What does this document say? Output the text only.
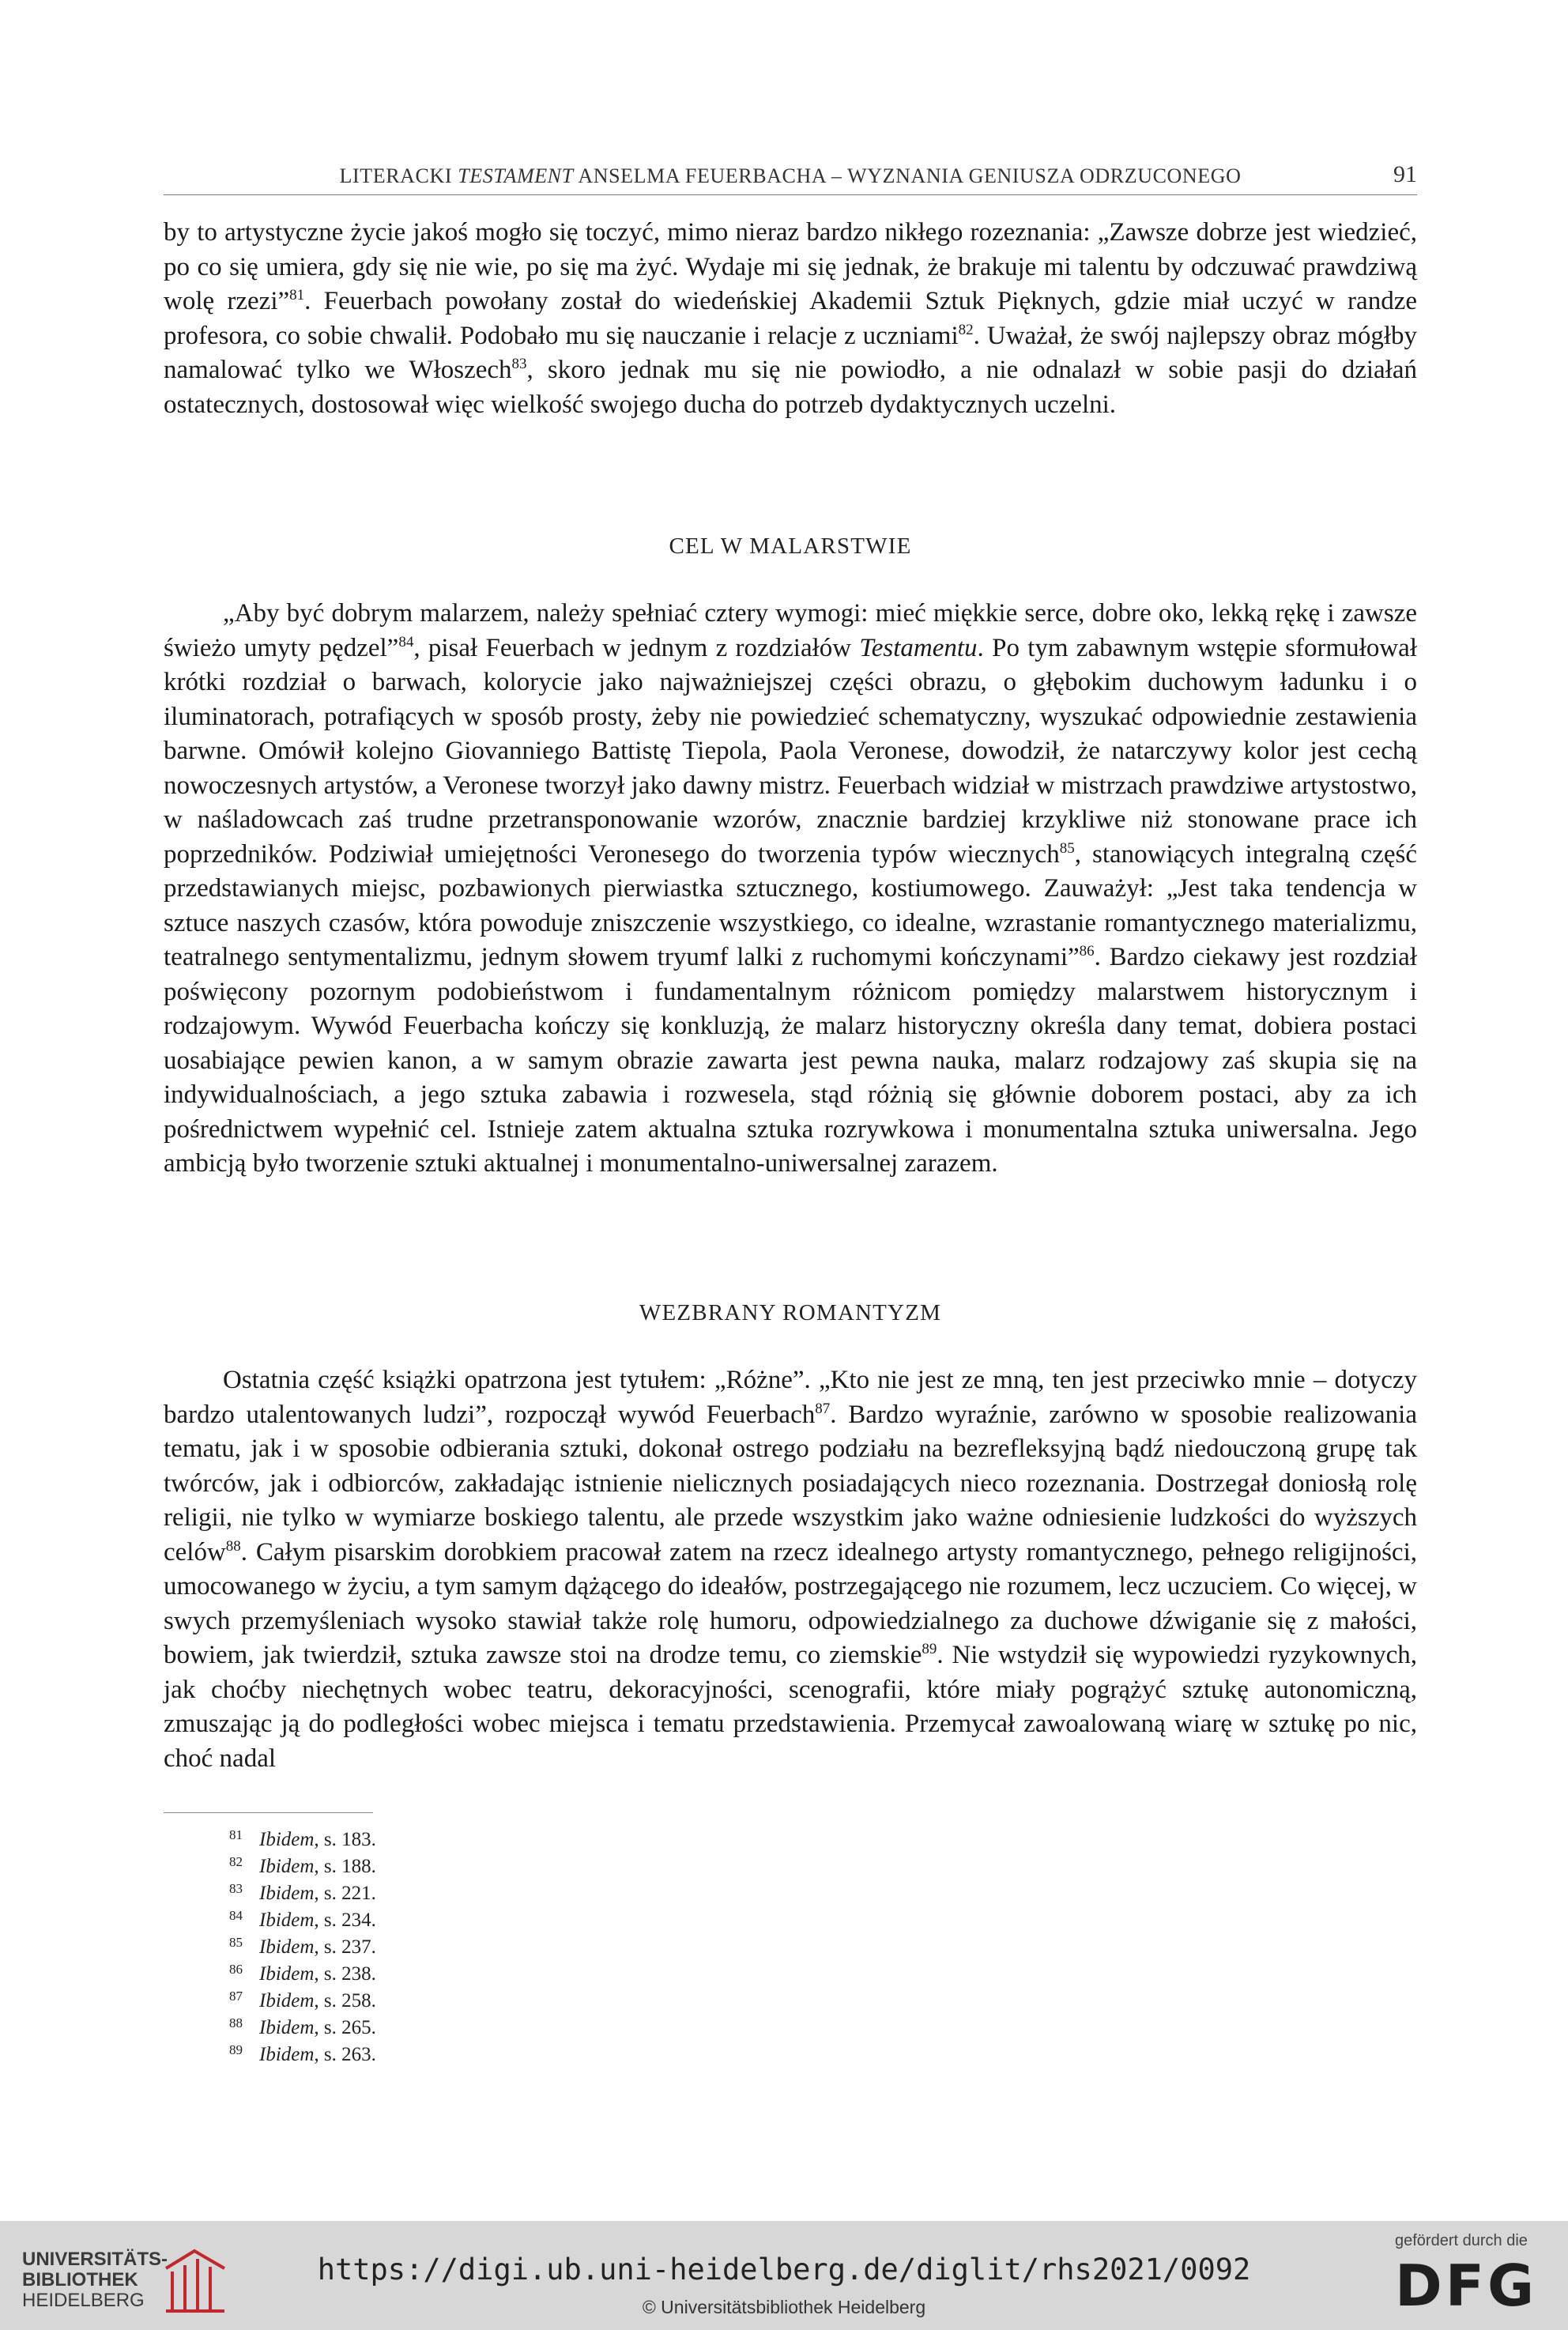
LITERACKI TESTAMENT ANSELMA FEUERBACHA – WYZNANIA GENIUSZA ODRZUCONEGO	91

by to artystyczne życie jakoś mogło się toczyć, mimo nieraz bardzo nikłego rozeznania: „Zawsze dobrze jest wiedzieć, po co się umiera, gdy się nie wie, po się ma żyć. Wydaje mi się jednak, że brakuje mi talentu by odczuwać prawdziwą wolę rzezi”$^{81}$. Feuerbach powołany został do wiedeńskiej Akademii Sztuk Pięknych, gdzie miał uczyć w randze profesora, co sobie chwalił. Podobało mu się nauczanie i relacje z uczniami$^{82}$. Uważał, że swój najlepszy obraz mógłby namalować tylko we Włoszech$^{83}$, skoro jednak mu się nie powiodło, a nie odnalazł w sobie pasji do działań ostatecznych, dostosował więc wielkość swojego ducha do potrzeb dydaktycznych uczelni.

CEL W MALARSTWIE

„Aby być dobrym malarzem, należy spełniać cztery wymogi: mieć miękkie serce, dobre oko, lekką rękę i zawsze świeżo umyty pędzel”$^{84}$, pisał Feuerbach w jednym z rozdziałów Testamentu. Po tym zabawnym wstępie sformułował krótki rozdział o barwach, kolorycie jako najważniejszej części obrazu, o głębokim duchowym ładunku i o iluminatorach, potrafiących w sposób prosty, żeby nie powiedzieć schematyczny, wyszukać odpowiednie zestawienia barwne. Omówił kolejno Giovanniego Battistę Tiepola, Paola Veronese, dowodził, że natarczywy kolor jest cechą nowoczesnych artystów, a Veronese tworzył jako dawny mistrz. Feuerbach widział w mistrzach prawdziwe artystostwo, w naśladowcach zaś trudne przetransponowanie wzorów, znacznie bardziej krzykliwe niż stonowane prace ich poprzedników. Podziwiał umiejętności Veronesego do tworzenia typów wiecznych$^{85}$, stanowiących integralną część przedstawianych miejsc, pozbawionych pierwiastka sztucznego, kostiumowego. Zauważył: „Jest taka tendencja w sztuce naszych czasów, która powoduje zniszczenie wszystkiego, co idealne, wzrastanie romantycznego materializmu, teatralnego sentymentalizmu, jednym słowem tryumf lalki z ruchomymi kończynami”$^{86}$. Bardzo ciekawy jest rozdział poświęcony pozornym podobieństwom i fundamentalnym różnicom pomiędzy malarstwem historycznym i rodzajowym. Wywód Feuerbacha kończy się konkluzją, że malarz historyczny określa dany temat, dobiera postaci uosabiające pewien kanon, a w samym obrazie zawarta jest pewna nauka, malarz rodzajowy zaś skupia się na indywidualnościach, a jego sztuka zabawia i rozwesela, stąd różnią się głównie doborem postaci, aby za ich pośrednictwem wypełnić cel. Istnieje zatem aktualna sztuka rozrywkowa i monumentalna sztuka uniwersalna. Jego ambicją było tworzenie sztuki aktualnej i monumentalno-uniwersalnej zarazem.

WEZBRANY ROMANTYZM

Ostatnia część książki opatrzona jest tytułem: „Różne”. „Kto nie jest ze mną, ten jest przeciwko mnie – dotyczy bardzo utalentowanych ludzi”, rozpoczął wywód Feuerbach$^{87}$. Bardzo wyraźnie, zarówno w sposobie realizowania tematu, jak i w sposobie odbierania sztuki, dokonał ostrego podziału na bezrefleksyjną bądź niedouczoną grupę tak twórców, jak i odbiorców, zakładając istnienie nielicznych posiadających nieco rozeznania. Dostrzegał doniosłą rolę religii, nie tylko w wymiarze boskiego talentu, ale przede wszystkim jako ważne odniesienie ludzkości do wyższych celów$^{88}$. Całym pisarskim dorobkiem pracował zatem na rzecz idealnego artysty romantycznego, pełnego religijności, umocowanego w życiu, a tym samym dążącego do ideałów, postrzegającego nie rozumem, lecz uczuciem. Co więcej, w swych przemyśleniach wysoko stawiał także rolę humoru, odpowiedzialnego za duchowe dźwiganie się z małości, bowiem, jak twierdził, sztuka zawsze stoi na drodze temu, co ziemskie$^{89}$. Nie wstydził się wypowiedzi ryzykownych, jak choćby niechętnych wobec teatru, dekoracyjności, scenografii, które miały pogrążyć sztukę autonomiczną, zmuszając ją do podległości wobec miejsca i tematu przedstawienia. Przemycał zawoalowaną wiarę w sztukę po nic, choć nadal

81 Ibidem, s. 183.
82 Ibidem, s. 188.
83 Ibidem, s. 221.
84 Ibidem, s. 234.
85 Ibidem, s. 237.
86 Ibidem, s. 238.
87 Ibidem, s. 258.
88 Ibidem, s. 265.
89 Ibidem, s. 263.
UNIVERSITÄTS-
BIBLIOTHEK
HEIDELBERG
https://digi.ub.uni-heidelberg.de/diglit/rhs2021/0092
© Universitätsbibliothek Heidelberg
gefördert durch die
DFG
